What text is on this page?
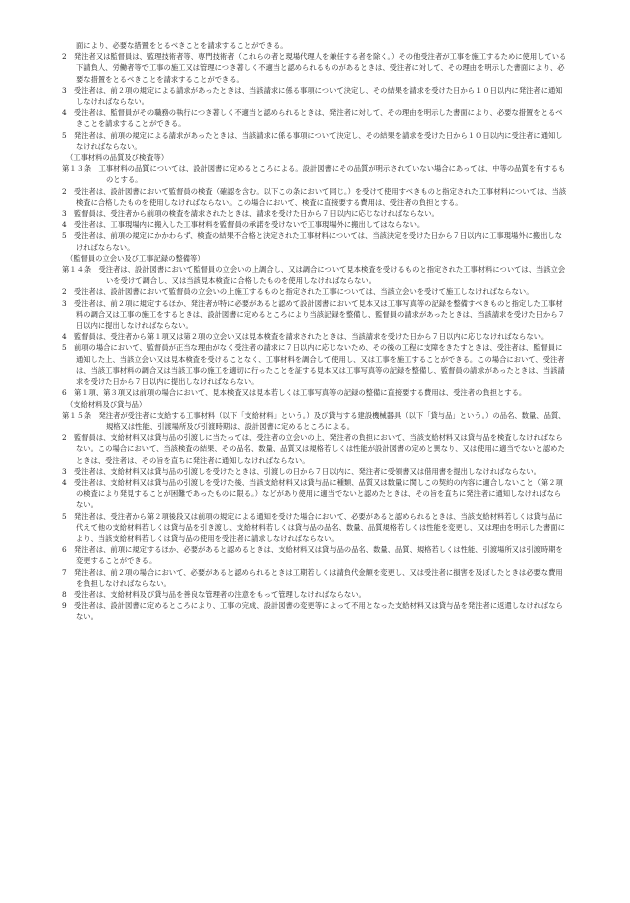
面により、必要な措置をとるべきことを請求することができる。

2　発注者又は監督員は、監理技術者等、専門技術者（これらの者と現場代理人を兼任する者を除く。）その他受注者が工事を施工するために使用している下請負人、労働者等で工事の施工又は管理につき著しく不適当と認められるものがあるときは、受注者に対して、その理由を明示した書面により、必要な措置をとるべきことを請求することができる。

3　受注者は、前２項の規定による請求があったときは、当該請求に係る事項について決定し、その結果を請求を受けた日から１０日以内に発注者に通知しなければならない。

4　受注者は、監督員がその職務の執行につき著しく不適当と認められるときは、発注者に対して、その理由を明示した書面により、必要な措置をとるべきことを請求することができる。

5　発注者は、前項の規定による請求があったときは、当該請求に係る事項について決定し、その結果を請求を受けた日から１０日以内に受注者に通知しなければならない。

（工事材料の品質及び検査等）

第１３条　工事材料の品質については、設計図書に定めるところによる。設計図書にその品質が明示されていない場合にあっては、中等の品質を有するものとする。

2　受注者は、設計図書において監督員の検査（確認を含む。以下この条において同じ。）を受けて使用すべきものと指定された工事材料については、当該検査に合格したものを使用しなければならない。この場合において、検査に直接要する費用は、受注者の負担とする。

3　監督員は、受注者から前項の検査を請求されたときは、請求を受けた日から７日以内に応じなければならない。

4　受注者は、工事現場内に搬入した工事材料を監督員の承諾を受けないで工事現場外に搬出してはならない。

5　受注者は、前項の規定にかかわらず、検査の結果不合格と決定された工事材料については、当該決定を受けた日から７日以内に工事現場外に搬出しなければならない。

（監督員の立会い及び工事記録の整備等）

第１４条　受注者は、設計図書において監督員の立会いの上調合し、又は調合について見本検査を受けるものと指定された工事材料については、当該立会いを受けて調合し、又は当該見本検査に合格したものを使用しなければならない。

2　受注者は、設計図書において監督員の立会いの上施工するものと指定された工事については、当該立会いを受けて施工しなければならない。

3　受注者は、前２項に規定するほか、発注者が特に必要があると認めて設計図書において見本又は工事写真等の記録を整備すべきものと指定した工事材料の調合又は工事の施工をするときは、設計図書に定めるところにより当該記録を整備し、監督員の請求があったときは、当該請求を受けた日から７日以内に提出しなければならない。

4　監督員は、受注者から第１項又は第２項の立会い又は見本検査を請求されたときは、当該請求を受けた日から７日以内に応じなければならない。

5　前項の場合において、監督員が正当な理由がなく受注者の請求に７日以内に応じないため、その後の工程に支障をきたすときは、受注者は、監督員に通知した上、当該立会い又は見本検査を受けることなく、工事材料を調合して使用し、又は工事を施工することができる。この場合において、受注者は、当該工事材料の調合又は当該工事の施工を適切に行ったことを証する見本又は工事写真等の記録を整備し、監督員の請求があったときは、当該請求を受けた日から７日以内に提出しなければならない。

6　第１項、第３項又は前項の場合において、見本検査又は見本若しくは工事写真等の記録の整備に直接要する費用は、受注者の負担とする。

（支給材料及び貸与品）

第１５条　発注者が受注者に支給する工事材料（以下「支給材料」という。）及び貸与する建設機械器具（以下「貸与品」という。）の品名、数量、品質、規格又は性能、引渡場所及び引渡時期は、設計図書に定めるところによる。

2　監督員は、支給材料又は貸与品の引渡しに当たっては、受注者の立会いの上、発注者の負担において、当該支給材料又は貸与品を検査しなければならない。この場合において、当該検査の結果、その品名、数量、品質又は規格若しくは性能が設計図書の定めと異なり、又は使用に適当でないと認めたときは、受注者は、その旨を直ちに発注者に通知しなければならない。

3　受注者は、支給材料又は貸与品の引渡しを受けたときは、引渡しの日から７日以内に、発注者に受領書又は借用書を提出しなければならない。

4　受注者は、支給材料又は貸与品の引渡しを受けた後、当該支給材料又は貸与品に種類、品質又は数量に関しこの契約の内容に適合しないこと（第２項の検査により発見することが困難であったものに限る。）などがあり使用に適当でないと認めたときは、その旨を直ちに発注者に通知しなければならない。

5　発注者は、受注者から第２項後段又は前項の規定による通知を受けた場合において、必要があると認められるときは、当該支給材料若しくは貸与品に代えて他の支給材料若しくは貸与品を引き渡し、支給材料若しくは貸与品の品名、数量、品質規格若しくは性能を変更し、又は理由を明示した書面により、当該支給材料若しくは貸与品の使用を受注者に請求しなければならない。

6　発注者は、前項に規定するほか、必要があると認めるときは、支給材料又は貸与品の品名、数量、品質、規格若しくは性能、引渡場所又は引渡時期を変更することができる。

7　発注者は、前２項の場合において、必要があると認められるときは工期若しくは請負代金額を変更し、又は受注者に損害を及ぼしたときは必要な費用を負担しなければならない。

8　受注者は、支給材料及び貸与品を善良な管理者の注意をもって管理しなければならない。

9　受注者は、設計図書に定めるところにより、工事の完成、設計図書の変更等によって不用となった支給材料又は貸与品を発注者に返還しなければならない。
